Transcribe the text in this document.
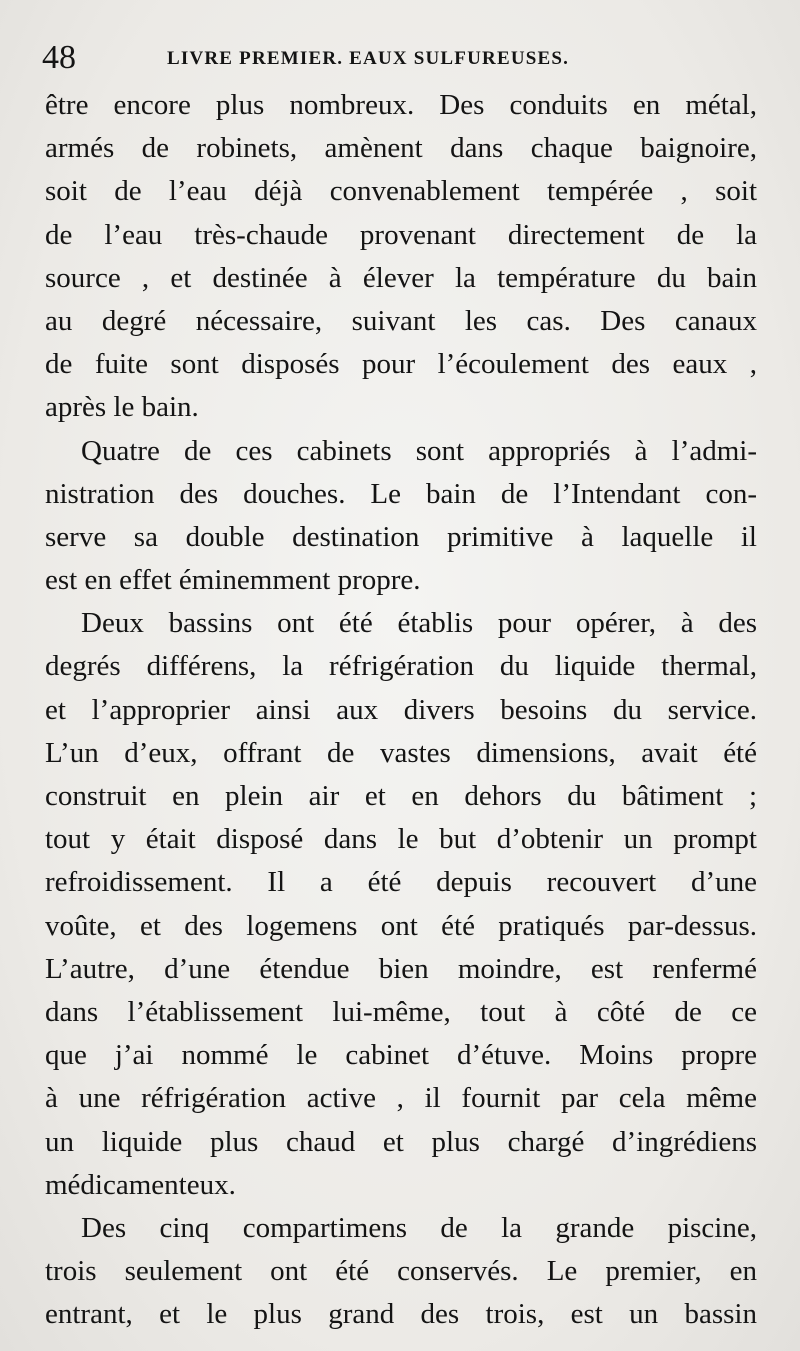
48	LIVRE PREMIER. EAUX SULFUREUSES.
être encore plus nombreux. Des conduits en métal,
armés de robinets, amènent dans chaque baignoire,
soit de l’eau déjà convenablement tempérée , soit
de l’eau très-chaude provenant directement de la
source , et destinée à élever la température du bain
au degré nécessaire, suivant les cas. Des canaux
de fuite sont disposés pour l’écoulement des eaux ,
après le bain.
Quatre de ces cabinets sont appropriés à l’admi-
nistration des douches. Le bain de l’Intendant con-
serve sa double destination primitive à laquelle il
est en effet éminemment propre.
Deux bassins ont été établis pour opérer, à des
degrés différens, la réfrigération du liquide thermal,
et l’approprier ainsi aux divers besoins du service.
L’un d’eux, offrant de vastes dimensions, avait été
construit en plein air et en dehors du bâtiment ;
tout y était disposé dans le but d’obtenir un prompt
refroidissement. Il a été depuis recouvert d’une
voûte, et des logemens ont été pratiqués par-dessus.
L’autre, d’une étendue bien moindre, est renfermé
dans l’établissement lui-même, tout à côté de ce
que j’ai nommé le cabinet d’étuve. Moins propre
à une réfrigération active , il fournit par cela même
un liquide plus chaud et plus chargé d’ingrédiens
médicamenteux.
Des cinq compartimens de la grande piscine,
trois seulement ont été conservés. Le premier, en
entrant, et le plus grand des trois, est un bassin
